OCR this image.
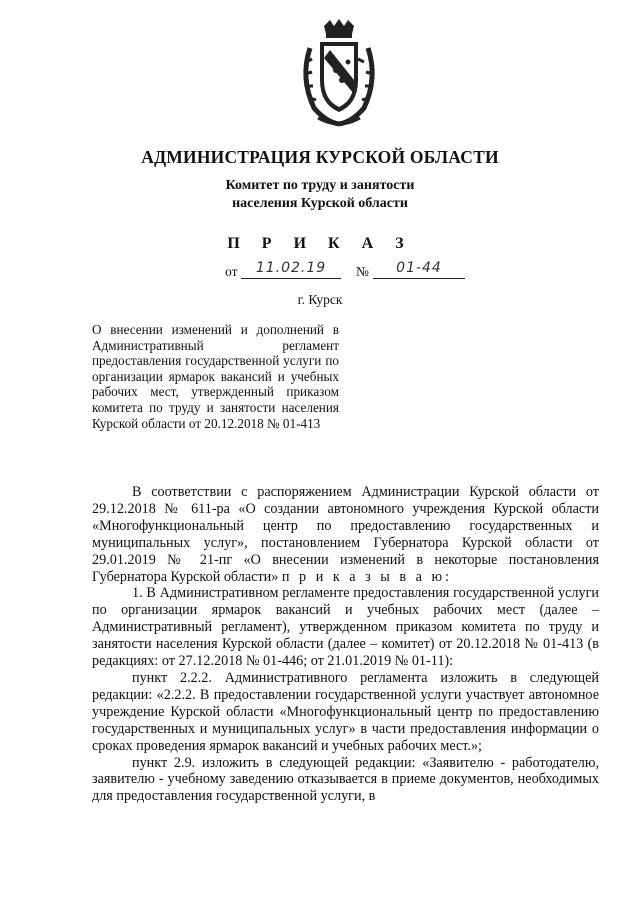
АДМИНИСТРАЦИЯ КУРСКОЙ ОБЛАСТИ
Комитет по труду и занятости
населения Курской области
П Р И К А З
от	11.02.19	№	01-44
г. Курск
О внесении изменений и дополнений в Административный регламент предоставления государственной услуги по организации ярмарок вакансий и учебных рабочих мест, утвержденный приказом комитета по труду и занятости населения Курской области от 20.12.2018 № 01-413

В соответствии с распоряжением Администрации Курской области от 29.12.2018 № 611-ра «О создании автономного учреждения Курской области «Многофункциональный центр по предоставлению государственных и муниципальных услуг», постановлением Губернатора Курской области от 29.01.2019 № 21-пг «О внесении изменений в некоторые постановления Губернатора Курской области» п р и к а з ы в а ю:

1. В Административном регламенте предоставления государственной услуги по организации ярмарок вакансий и учебных рабочих мест (далее – Административный регламент), утвержденном приказом комитета по труду и занятости населения Курской области (далее – комитет) от 20.12.2018 № 01-413 (в редакциях: от 27.12.2018 № 01-446; от 21.01.2019 № 01-11):

пункт 2.2.2. Административного регламента изложить в следующей редакции: «2.2.2. В предоставлении государственной услуги участвует автономное учреждение Курской области «Многофункциональный центр по предоставлению государственных и муниципальных услуг» в части предоставления информации о сроках проведения ярмарок вакансий и учебных рабочих мест.»;

пункт 2.9. изложить в следующей редакции: «Заявителю - работодателю, заявителю - учебному заведению отказывается в приеме документов, необходимых для предоставления государственной услуги, в
